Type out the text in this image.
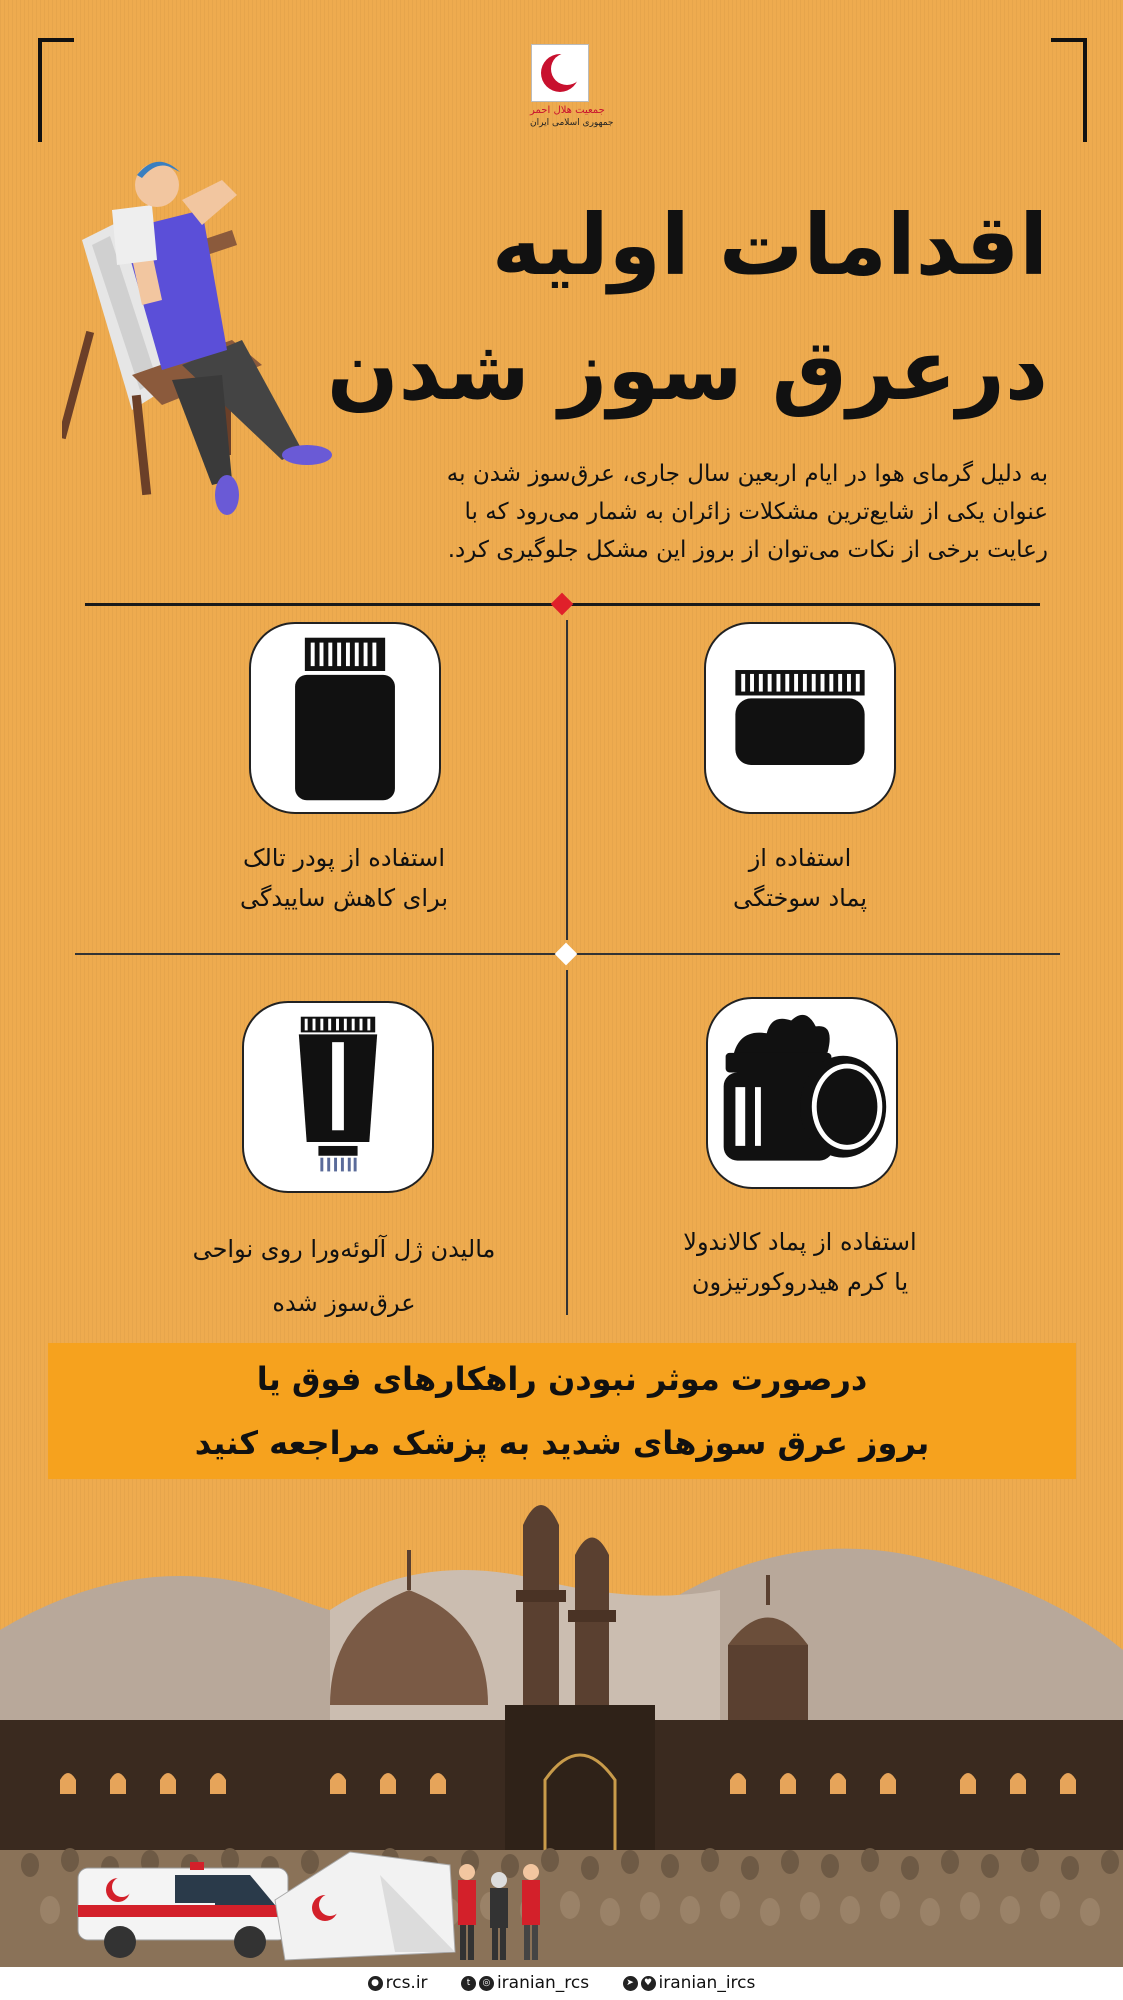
جمعیت هلال احمر
جمهوری اسلامی ایران
اقدامات اولیه
درعرق سوز شدن
به دلیل گرمای هوا در ایام اربعین سال جاری، عرق‌سوز شدن به
عنوان یکی از شایع‌ترین مشکلات زائران به شمار می‌رود که با
رعایت برخی از نکات می‌توان از بروز این مشکل جلوگیری کرد.
استفاده از
پماد سوختگی
استفاده از پودر تالک
برای کاهش ساییدگی
استفاده از پماد کالاندولا
یا کرم هیدروکورتیزون
مالیدن ژل آلوئه‌ورا روی نواحی
عرق‌سوز شده
درصورت موثر نبودن راهکارهای فوق یا
بروز عرق سوزهای شدید به پزشک مراجعه کنید
● rcs.ir	t ◎ iranian_rcs	➤ ♥ iranian_ircs
